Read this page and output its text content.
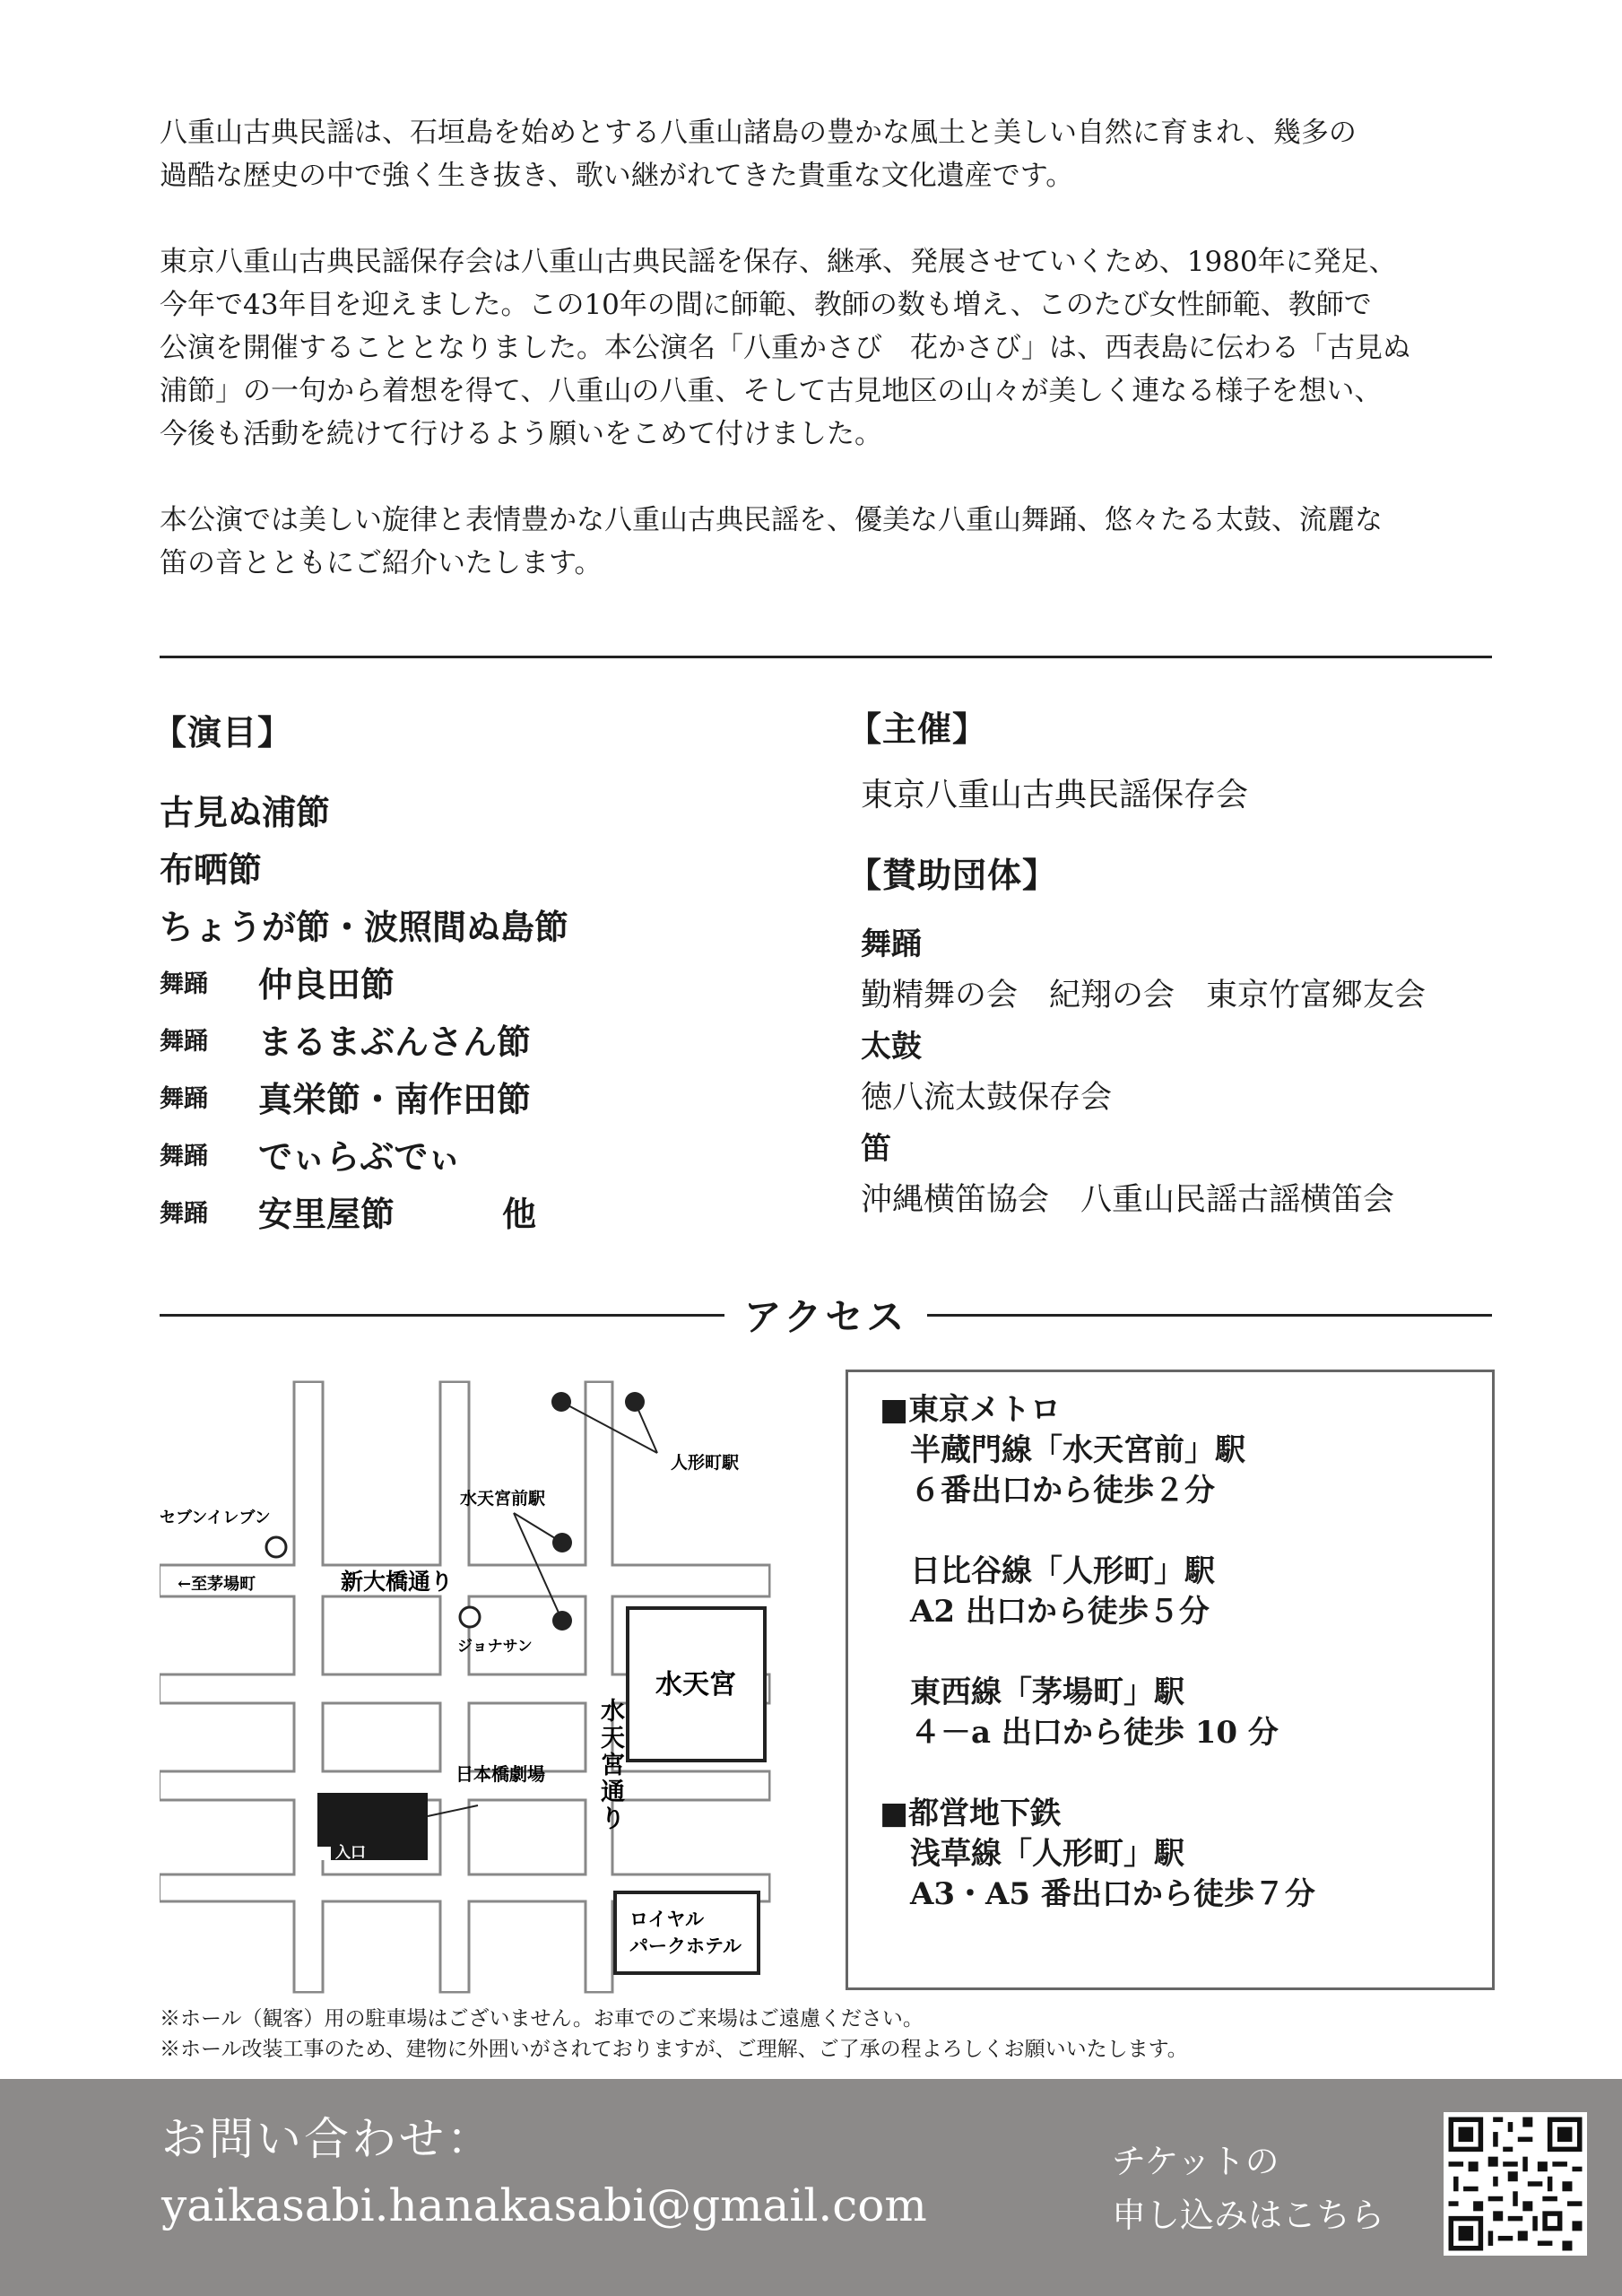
八重山古典民謡は、石垣島を始めとする八重山諸島の豊かな風土と美しい自然に育まれ、幾多の
過酷な歴史の中で強く生き抜き、歌い継がれてきた貴重な文化遺産です。

東京八重山古典民謡保存会は八重山古典民謡を保存、継承、発展させていくため、1980年に発足、
今年で43年目を迎えました。この10年の間に師範、教師の数も増え、このたび女性師範、教師で
公演を開催することとなりました。本公演名「八重かさび　花かさび」は、西表島に伝わる「古見ぬ
浦節」の一句から着想を得て、八重山の八重、そして古見地区の山々が美しく連なる様子を想い、
今後も活動を続けて行けるよう願いをこめて付けました。

本公演では美しい旋律と表情豊かな八重山古典民謡を、優美な八重山舞踊、悠々たる太鼓、流麗な
笛の音とともにご紹介いたします。

【演目】
古見ぬ浦節
布晒節
ちょうが節・波照間ぬ島節
舞踊	仲良田節
舞踊	まるまぶんさん節
舞踊	真栄節・南作田節
舞踊	でぃらぶでぃ
舞踊	安里屋節	他
【主催】
東京八重山古典民謡保存会
【賛助団体】
舞踊
勤精舞の会　紀翔の会　東京竹富郷友会
太鼓
徳八流太鼓保存会
笛
沖縄横笛協会　八重山民謡古謡横笛会
アクセス
水天宮
入口
日本橋劇場
ロイヤル
パークホテル
セブンイレブン
←至茅場町	新大橋通り
ジョナサン
人形町駅
水天宮前駅
水 天 宮 通 り
■東京メトロ
半蔵門線「水天宮前」駅
６番出口から徒歩２分
日比谷線「人形町」駅
A2 出口から徒歩５分
東西線「茅場町」駅
４－a 出口から徒歩 10 分
■都営地下鉄
浅草線「人形町」駅
A3・A5 番出口から徒歩７分
※ホール（観客）用の駐車場はございません。お車でのご来場はご遠慮ください。
※ホール改装工事のため、建物に外囲いがされておりますが、ご理解、ご了承の程よろしくお願いいたします。
お問い合わせ：
yaikasabi.hanakasabi@gmail.com
チケットの
申し込みはこちら
